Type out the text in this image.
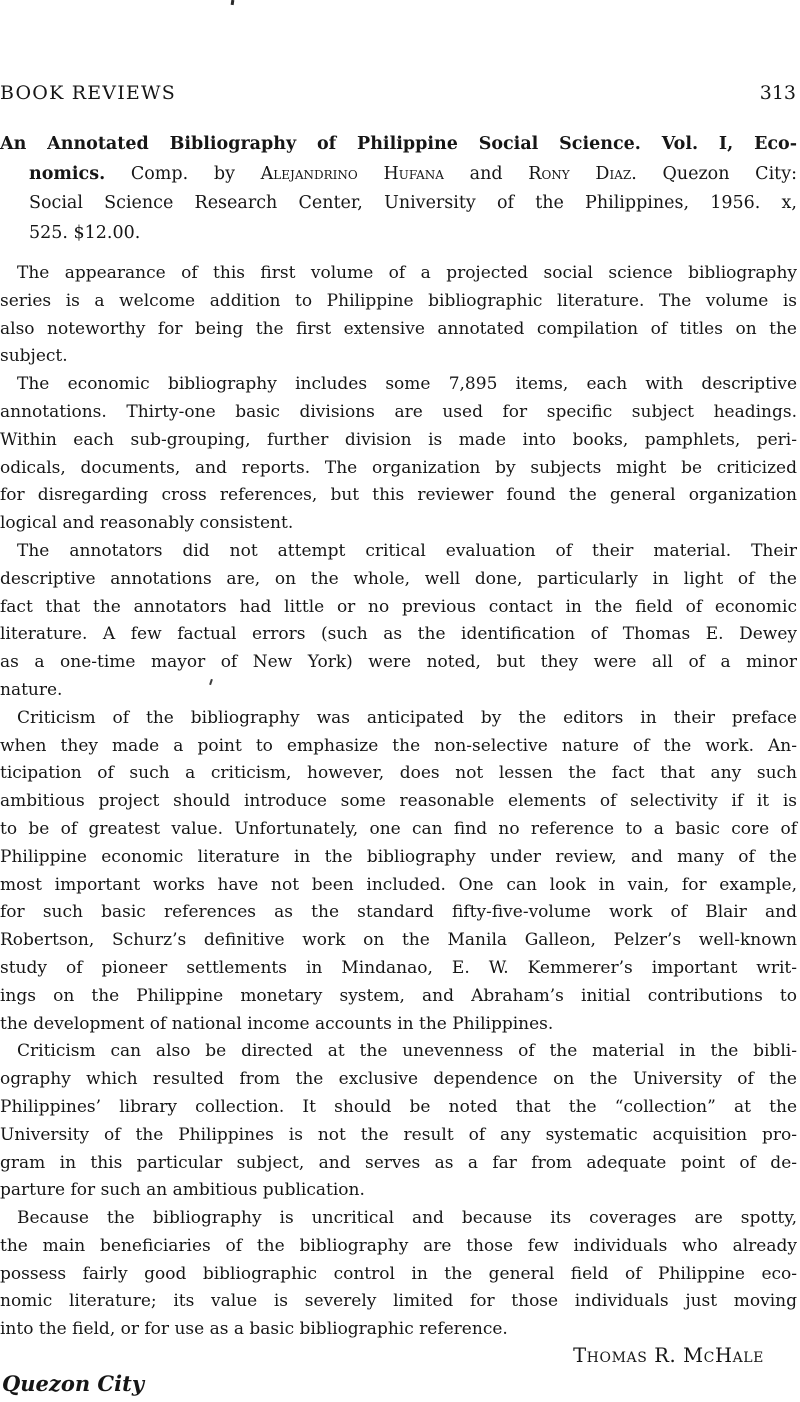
BOOK REVIEWS	313
An Annotated Bibliography of Philippine Social Science. Vol. I, Eco-
nomics. Comp. by Alejandrino Hufana and Rony Diaz. Quezon City:
Social Science Research Center, University of the Philippines, 1956. x,
525. $12.00.
The appearance of this first volume of a projected social science bibliography
series is a welcome addition to Philippine bibliographic literature. The volume is
also noteworthy for being the first extensive annotated compilation of titles on the
subject.
The economic bibliography includes some 7,895 items, each with descriptive
annotations. Thirty-one basic divisions are used for specific subject headings.
Within each sub-grouping, further division is made into books, pamphlets, peri-
odicals, documents, and reports. The organization by subjects might be criticized
for disregarding cross references, but this reviewer found the general organization
logical and reasonably consistent.
The annotators did not attempt critical evaluation of their material. Their
descriptive annotations are, on the whole, well done, particularly in light of the
fact that the annotators had little or no previous contact in the field of economic
literature. A few factual errors (such as the identification of Thomas E. Dewey
as a one-time mayor of New York) were noted, but they were all of a minor
nature.
Criticism of the bibliography was anticipated by the editors in their preface
when they made a point to emphasize the non-selective nature of the work. An-
ticipation of such a criticism, however, does not lessen the fact that any such
ambitious project should introduce some reasonable elements of selectivity if it is
to be of greatest value. Unfortunately, one can find no reference to a basic core of
Philippine economic literature in the bibliography under review, and many of the
most important works have not been included. One can look in vain, for example,
for such basic references as the standard fifty-five-volume work of Blair and
Robertson, Schurz’s definitive work on the Manila Galleon, Pelzer’s well-known
study of pioneer settlements in Mindanao, E. W. Kemmerer’s important writ-
ings on the Philippine monetary system, and Abraham’s initial contributions to
the development of national income accounts in the Philippines.
Criticism can also be directed at the unevenness of the material in the bibli-
ography which resulted from the exclusive dependence on the University of the
Philippines’ library collection. It should be noted that the “collection” at the
University of the Philippines is not the result of any systematic acquisition pro-
gram in this particular subject, and serves as a far from adequate point of de-
parture for such an ambitious publication.
Because the bibliography is uncritical and because its coverages are spotty,
the main beneficiaries of the bibliography are those few individuals who already
possess fairly good bibliographic control in the general field of Philippine eco-
nomic literature; its value is severely limited for those individuals just moving
into the field, or for use as a basic bibliographic reference.
Thomas R. McHale
Quezon City
